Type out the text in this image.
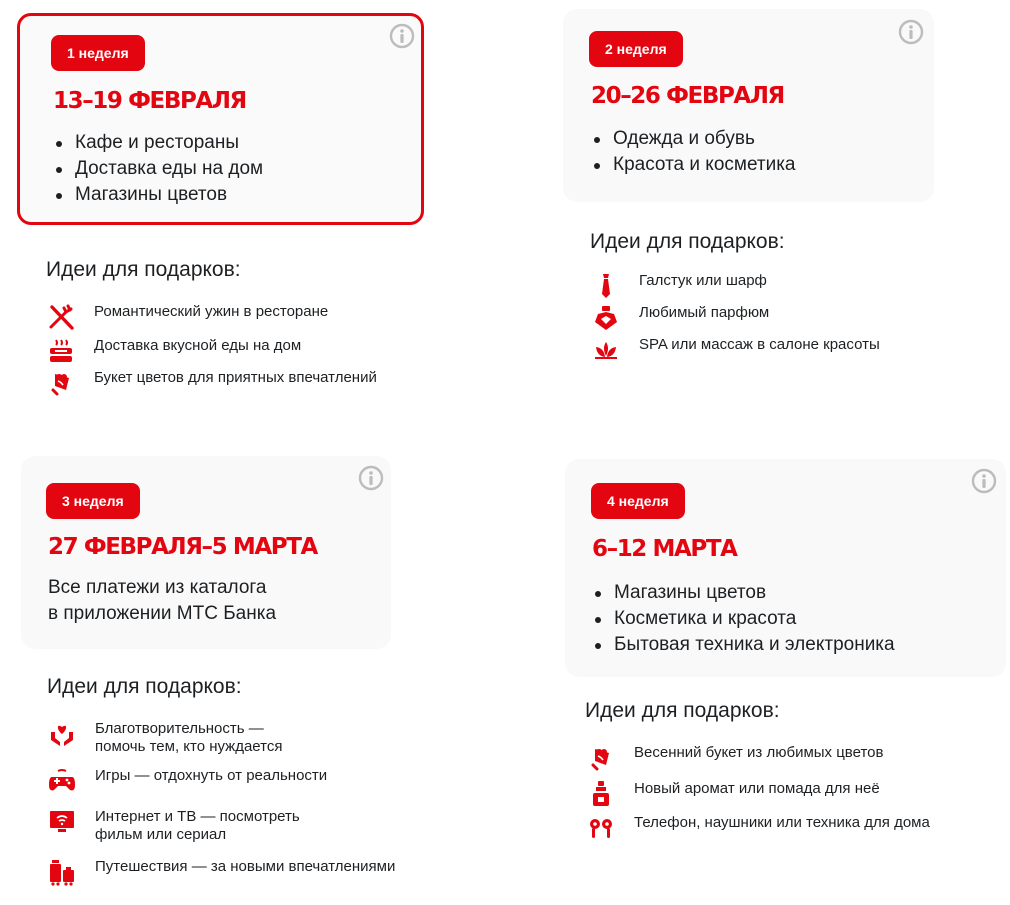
1 неделя
13–19 ФЕВРАЛЯ
Кафе и рестораны
Доставка еды на дом
Магазины цветов
Идеи для подарков:
Романтический ужин в ресторане
Доставка вкусной еды на дом
Букет цветов для приятных впечатлений
2 неделя
20–26 ФЕВРАЛЯ
Одежда и обувь
Красота и косметика
Идеи для подарков:
Галстук или шарф
Любимый парфюм
SPA или массаж в салоне красоты
3 неделя
27 ФЕВРАЛЯ–5 МАРТА
Все платежи из каталога
в приложении МТС Банка
Идеи для подарков:
Благотворительность —
помочь тем, кто нуждается
Игры — отдохнуть от реальности
Интернет и ТВ — посмотреть
фильм или сериал
Путешествия — за новыми впечатлениями
4 неделя
6–12 МАРТА
Магазины цветов
Косметика и красота
Бытовая техника и электроника
Идеи для подарков:
Весенний букет из любимых цветов
Новый аромат или помада для неё
Телефон, наушники или техника для дома
